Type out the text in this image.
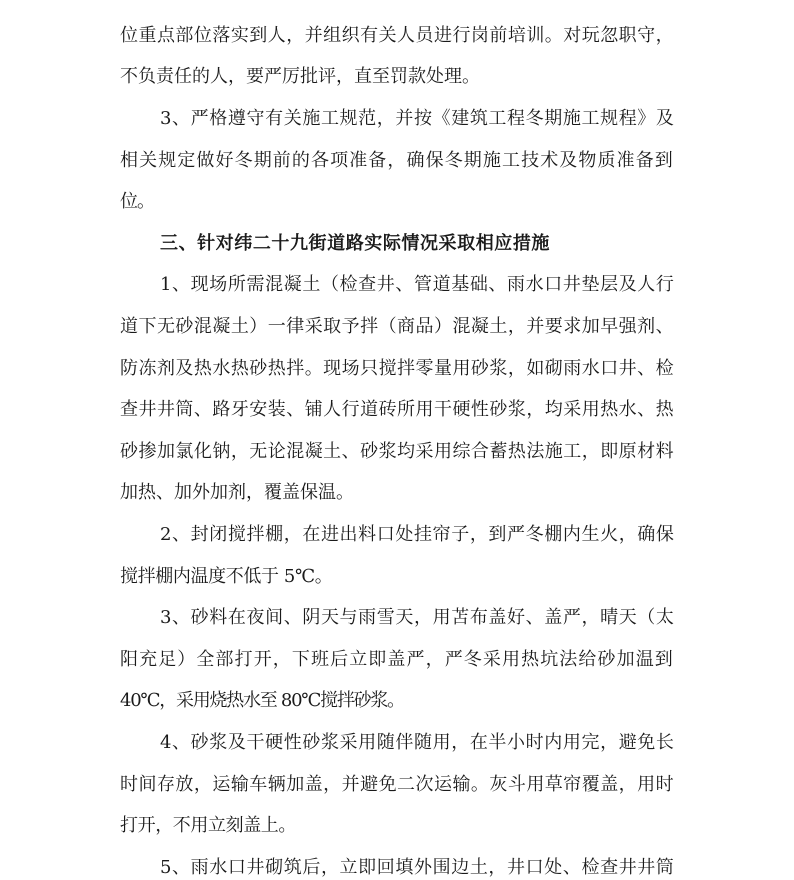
位重点部位落实到人，并组织有关人员进行岗前培训。对玩忽职守，
不负责任的人，要严厉批评，直至罚款处理。
3、严格遵守有关施工规范，并按《建筑工程冬期施工规程》及
相关规定做好冬期前的各项准备，确保冬期施工技术及物质准备到
位。
三、针对纬二十九街道路实际情况采取相应措施
1、现场所需混凝土（检查井、管道基础、雨水口井垫层及人行
道下无砂混凝土）一律采取予拌（商品）混凝土，并要求加早强剂、
防冻剂及热水热砂热拌。现场只搅拌零量用砂浆，如砌雨水口井、检
查井井筒、路牙安装、铺人行道砖所用干硬性砂浆，均采用热水、热
砂掺加氯化钠，无论混凝土、砂浆均采用综合蓄热法施工，即原材料
加热、加外加剂，覆盖保温。
2、封闭搅拌棚，在进出料口处挂帘子，到严冬棚内生火，确保
搅拌棚内温度不低于 5℃。
3、砂料在夜间、阴天与雨雪天，用苫布盖好、盖严，晴天（太
阳充足）全部打开，下班后立即盖严，严冬采用热坑法给砂加温到
40℃，采用烧热水至 80℃搅拌砂浆。
4、砂浆及干硬性砂浆采用随伴随用，在半小时内用完，避免长
时间存放，运输车辆加盖，并避免二次运输。灰斗用草帘覆盖，用时
打开，不用立刻盖上。
5、雨水口井砌筑后，立即回填外围边土，井口处、检查井井筒
